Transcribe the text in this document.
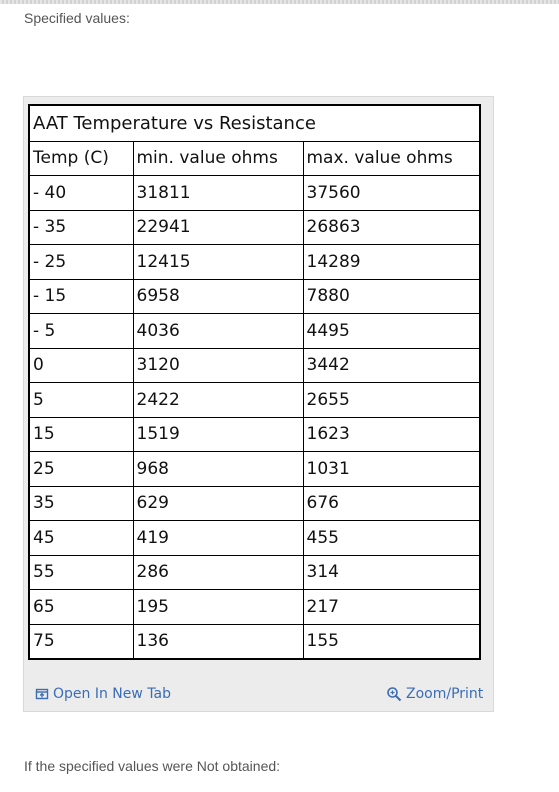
Specified values:
AAT Temperature vs Resistance		
Temp (C)	min. value ohms	max. value ohms
- 40	31811	37560
- 35	22941	26863
- 25	12415	14289
- 15	6958	7880
- 5	4036	4495
0	3120	3442
5	2422	2655
15	1519	1623
25	968	1031
35	629	676
45	419	455
55	286	314
65	195	217
75	136	155
Open In New Tab	Zoom/Print
If the specified values were Not obtained:
